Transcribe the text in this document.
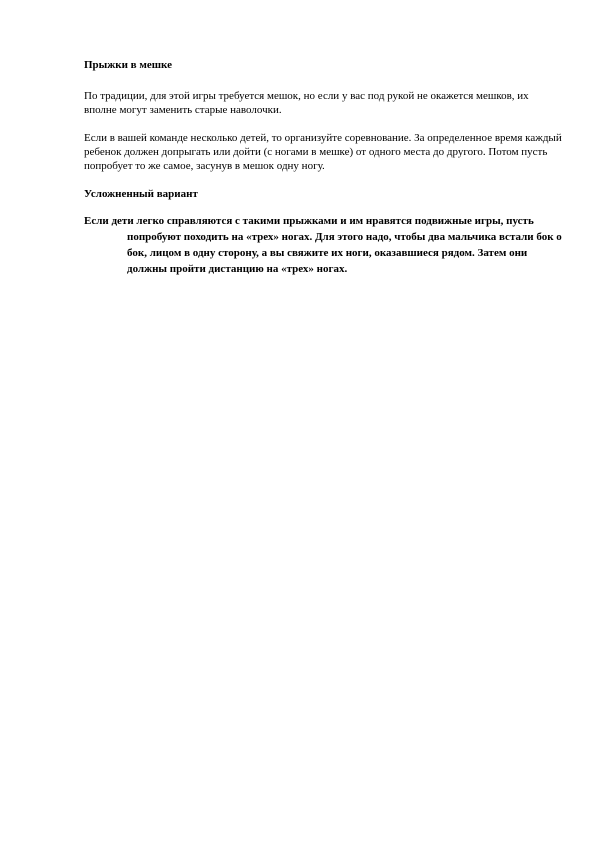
Прыжки в мешке

По традиции, для этой игры требуется мешок, но если у вас под рукой не окажется мешков, их вполне могут заменить старые наволочки.

Если в вашей команде несколько детей, то организуйте соревнование. За определенное время каждый ребенок должен допрыгать или дойти (с ногами в мешке) от одного места до другого. Потом пусть попробует то же самое, засунув в мешок одну ногу.

Усложненный вариант

Если дети легко справляются с такими прыжками и им нравятся подвижные игры, пусть попробуют походить на «трех» ногах. Для этого надо, чтобы два мальчика встали бок о бок, лицом в одну сторону, а вы свяжите их ноги, оказавшиеся рядом. Затем они должны пройти дистанцию на «трех» ногах.
